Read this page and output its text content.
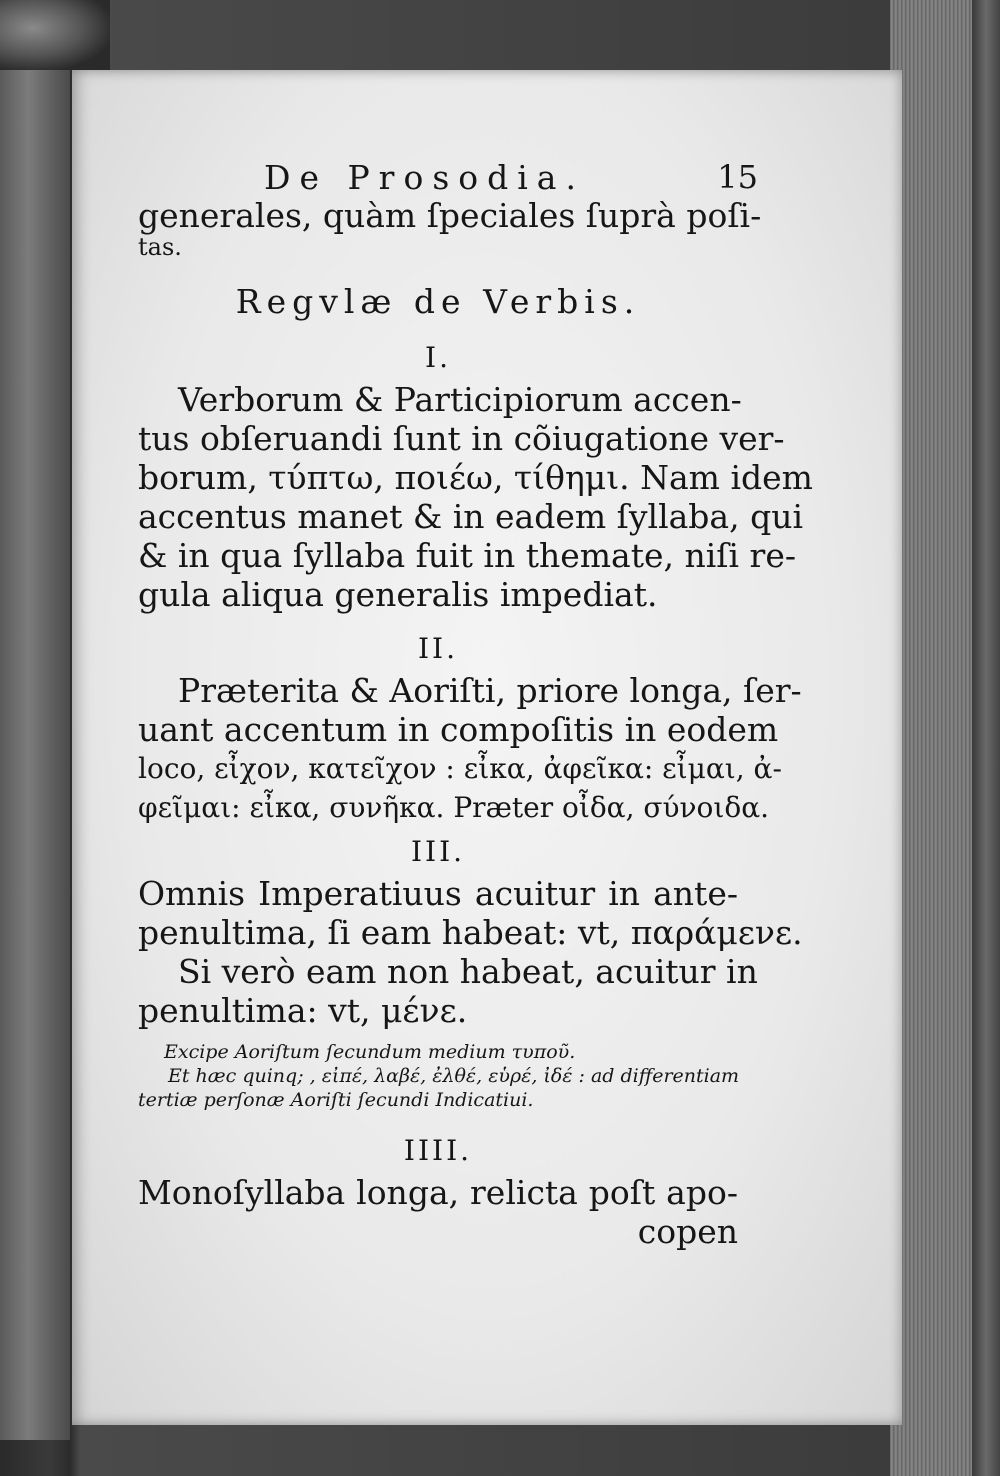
De Prosodia.	15
generales, quàm ſpeciales ſuprà poſi-
tas.
Regvlæ de Verbis.
I.
Verborum & Participiorum accen-
tus obſeruandi ſunt in cõiugatione ver-
borum, τύπτω, ποιέω, τίθημι. Nam idem
accentus manet & in eadem ſyllaba, qui
& in qua ſyllaba fuit in themate, niſi re-
gula aliqua generalis impediat.
II.
Præterita & Aoriſti, priore longa, ſer-
uant accentum in compoſitis in eodem
loco, εἶχον, κατεῖχον : εἶκα, ἀφεῖκα: εἶμαι, ἀ-
φεῖμαι: εἶκα, συνῆκα. Præter οἶδα, σύνοιδα.
III.
Omnis Imperatiuus acuitur in ante-
penultima, ſi eam habeat: vt, παράμενε.
Si verò eam non habeat, acuitur in
penultima: vt, μένε.
Excipe Aoriſtum ſecundum medium τυποῦ.
Et hæc quinq; , εἰπέ, λαβέ, ἐλθέ, εὑρέ, ἰδέ : ad differentiam
tertiæ perſonæ Aoriſti ſecundi Indicatiui.
IIII.
Monoſyllaba longa, relicta poſt apo-
copen
